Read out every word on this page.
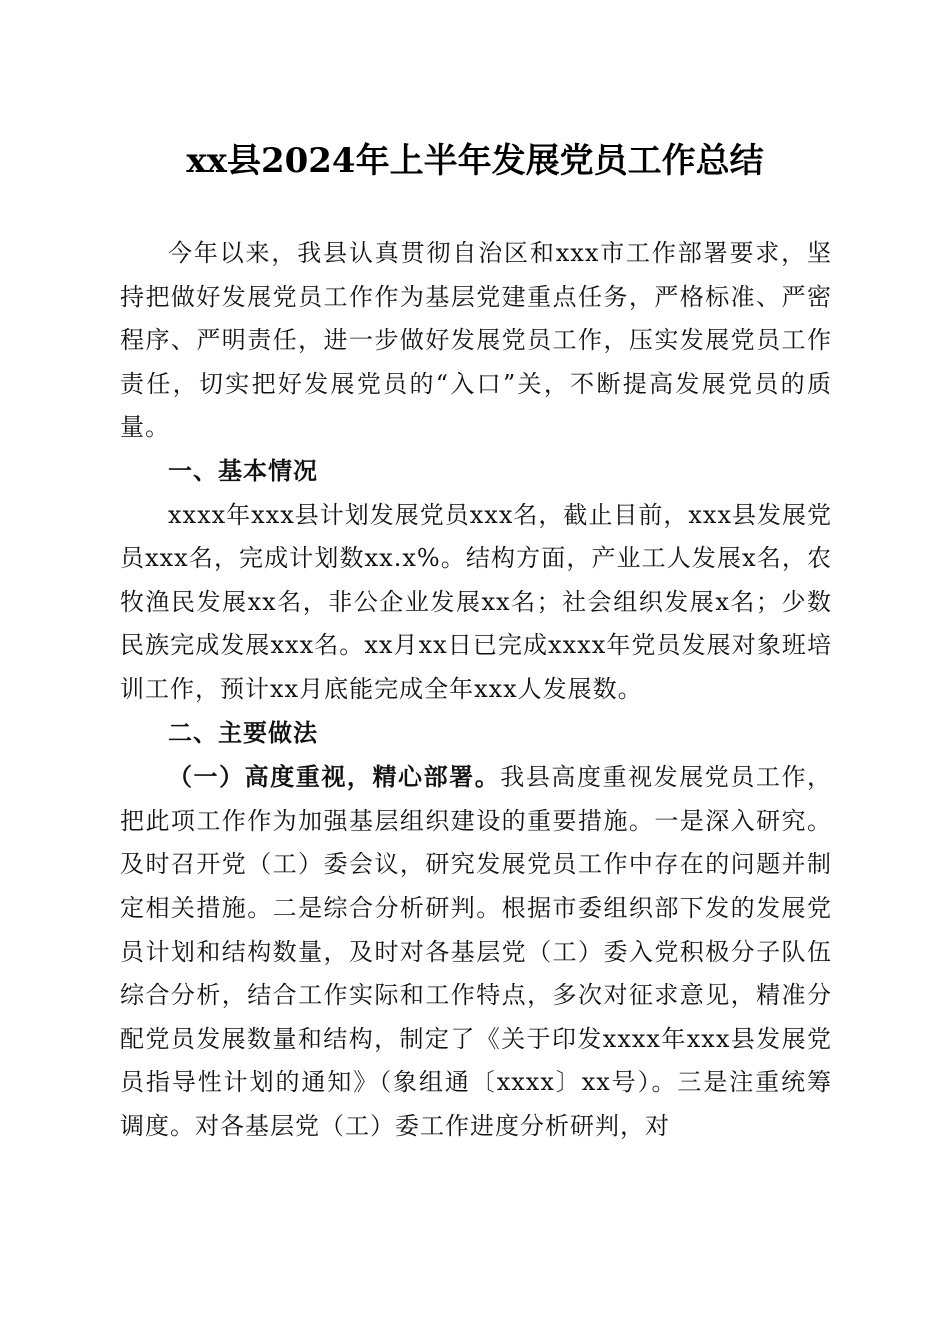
xx县2024年上半年发展党员工作总结

今年以来，我县认真贯彻自治区和xxx市工作部署要求，坚持把做好发展党员工作作为基层党建重点任务，严格标准、严密程序、严明责任，进一步做好发展党员工作，压实发展党员工作责任，切实把好发展党员的“入口”关，不断提高发展党员的质量。

一、基本情况

xxxx年xxx县计划发展党员xxx名，截止目前，xxx县发展党员xxx名，完成计划数xx.x%。结构方面，产业工人发展x名，农牧渔民发展xx名，非公企业发展xx名；社会组织发展x名；少数民族完成发展xxx名。xx月xx日已完成xxxx年党员发展对象班培训工作，预计xx月底能完成全年xxx人发展数。

二、主要做法

（一）高度重视，精心部署。我县高度重视发展党员工作，把此项工作作为加强基层组织建设的重要措施。一是深入研究。及时召开党（工）委会议，研究发展党员工作中存在的问题并制定相关措施。二是综合分析研判。根据市委组织部下发的发展党员计划和结构数量，及时对各基层党（工）委入党积极分子队伍综合分析，结合工作实际和工作特点，多次对征求意见，精准分配党员发展数量和结构，制定了《关于印发xxxx年xxx县发展党员指导性计划的通知》（象组通〔xxxx〕xx号）。三是注重统筹调度。对各基层党（工）委工作进度分析研判，对
